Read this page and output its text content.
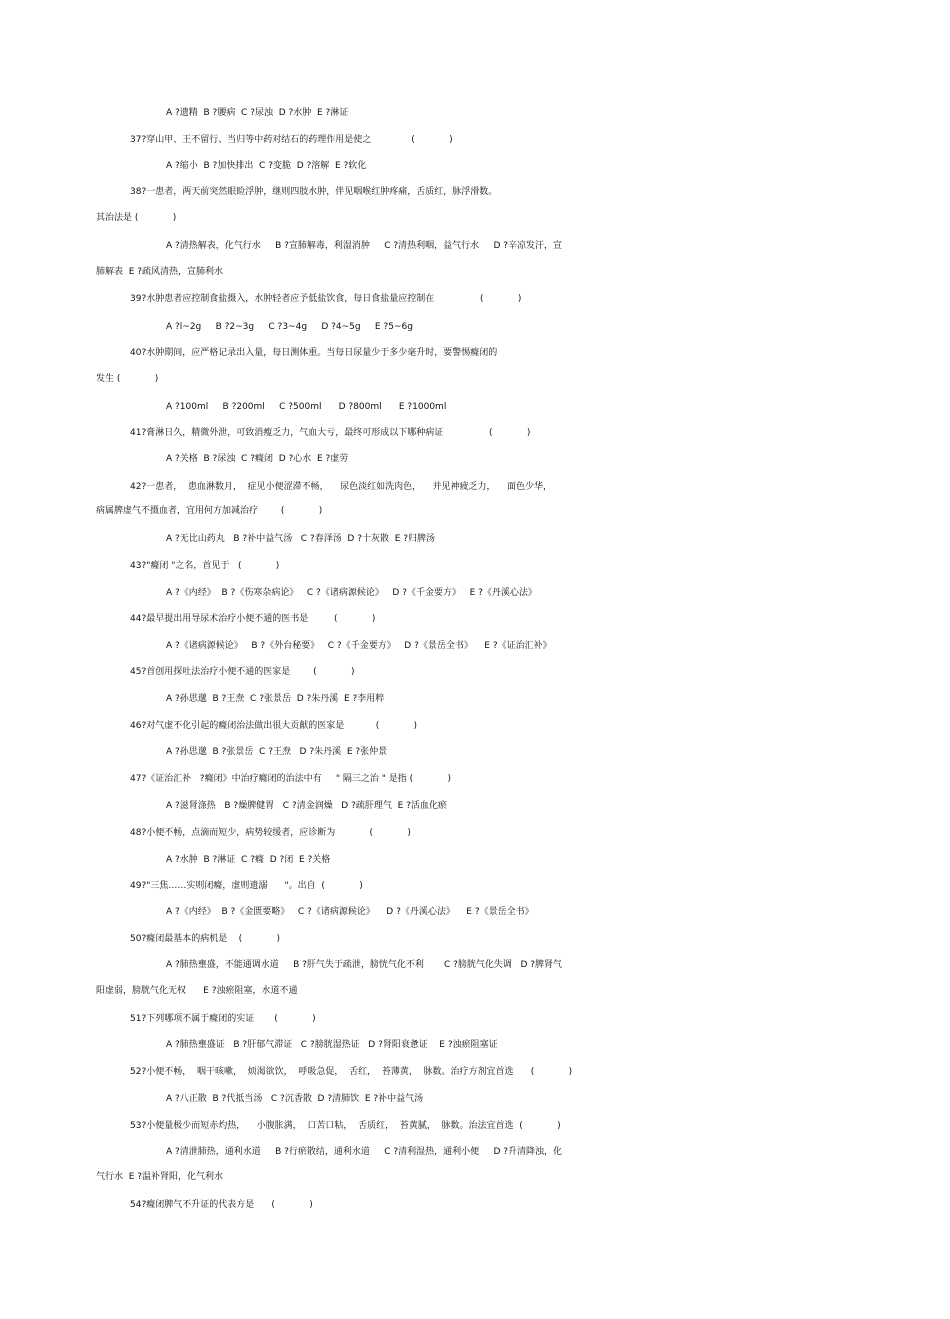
A ?遗精  B ?腰病  C ?尿浊  D ?水肿  E ?淋证
37?穿山甲、王不留行、当归等中药对结石的药理作用是使之              (            )
A ?缩小  B ?加快排出  C ?变脆  D ?溶解  E ?软化
38?一患者，两天前突然眼睑浮肿，继则四肢水肿，伴见咽喉红肿疼痛，舌质红，脉浮滑数。
其治法是 (            )
A ?清热解表，化气行水     B ?宣肺解毒，利湿消肿     C ?清热利咽，益气行水     D ?辛凉发汗，宣
肺解表  E ?疏风清热，宣肺利水
39?水肿患者应控制食盐摄入，水肿轻者应予低盐饮食，每日食盐量应控制在                (            )
A ?l~2g     B ?2~3g     C ?3~4g     D ?4~5g     E ?5~6g
40?水肿期间，应严格记录出入量，每日测体重。当每日尿量少于多少毫升时，要警惕癃闭的
发生 (            )
A ?100ml     B ?200ml     C ?500ml      D ?800ml      E ?1000ml
41?膏淋日久，精微外泄，可致消瘦乏力，气血大亏，最终可形成以下哪种病证                (            )
A ?关格  B ?尿浊  C ?癃闭  D ?心水  E ?虚劳
42?一患者，  患血淋数月，  症见小便涩滞不畅，    尿色淡红如洗肉色，    并见神疲乏力，    面色少华，
病属脾虚气不摄血者，宜用何方加减治疗        (            )
A ?无比山药丸   B ?补中益气汤   C ?春泽汤  D ?十灰散  E ?归脾汤
43?"癃闭 "之名，首见于   (            )
A ?《内经》  B ?《伤寒杂病论》   C ?《诸病源候论》   D ?《千金要方》   E ?《丹溪心法》
44?最早提出用导尿术治疗小便不通的医书是         (            )
A ?《诸病源候论》   B ?《外台秘要》   C ?《千金要方》   D ?《景岳全书》    E ?《证治汇补》
45?首创用探吐法治疗小便不通的医家是        (            )
A ?孙思邈  B ?王焘  C ?张景岳  D ?朱丹溪  E ?李用粹
46?对气虚不化引起的癃闭治法做出很大贡献的医家是           (            )
A ?孙思邈  B ?张景岳  C ?王焘   D ?朱丹溪  E ?张仲景
47?《证治汇补   ?癃闭》中治疗癃闭的治法中有     " 隔三之治 " 是指 (            )
A ?滋肾涤热   B ?燥脾健胃   C ?清金润燥   D ?疏肝理气  E ?活血化瘀
48?小便不畅，点滴而短少，病势较缓者，应诊断为            (            )
A ?水肿  B ?淋证  C ?癃  D ?闭  E ?关格
49?"三焦……实则闭癃，虚则遗溺      "。出自  (            )
A ?《内经》  B ?《金匮要略》   C ?《诸病源候论》    D ?《丹溪心法》    E ?《景岳全书》
50?癃闭最基本的病机是    (            )
A ?肺热壅盛，不能通调水道     B ?肝气失于疏泄，膀恍气化不利       C ?膀胱气化失调   D ?脾肾气
阳虚弱，膀胱气化无权      E ?浊瘀阻塞，水道不通
51?下列哪项不属于癃闭的实证       (            )
A ?肺热壅盛证   B ?肝郁气滞证   C ?膀胱湿热证   D ?肾阳衰惫证    E ?浊瘀阻塞证
52?小便不畅，  咽干咳嗽，  烦渴欲饮，  呼吸急促，  舌红，  苔薄黄，  脉数。治疗方剂宜首选      (            )
A ?八正散  B ?代抵当汤   C ?沉香散  D ?清肺饮  E ?补中益气汤
53?小便量极少而短赤灼热，    小腹胀满，  口苦口粘，  舌质红，  苔黄腻，  脉数。治法宜首选  (            )
A ?清泄肺热，通利水道     B ?行瘀散结，通利水道     C ?清利湿热，通利小便     D ?升清降浊，化
气行水  E ?温补肾阳，化气利水
54?癃闭脾气不升证的代表方是      (            )
